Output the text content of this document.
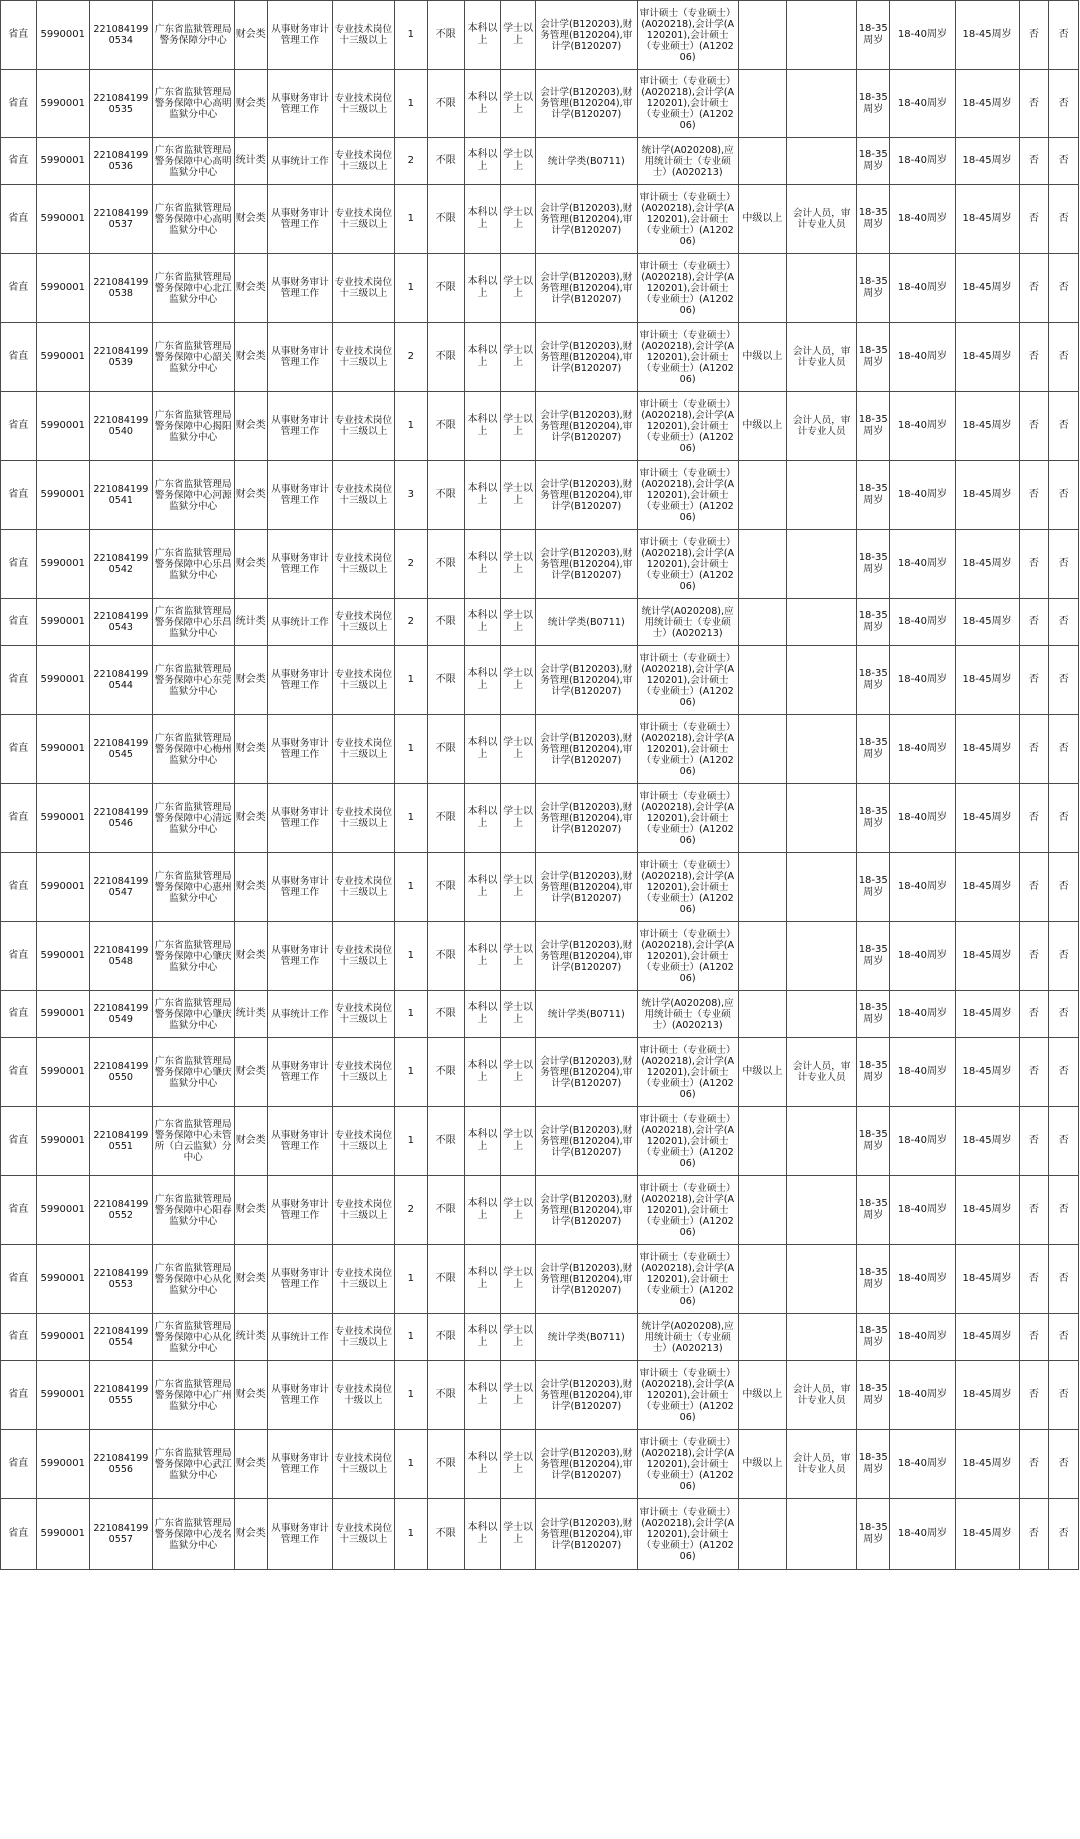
省直	5990001	2210841990534	广东省监狱管理局警务保障分中心	财会类	从事财务审计管理工作	专业技术岗位十三级以上	1	不限	本科以上	学士以上	会计学(B120203),财务管理(B120204),审计学(B120207)	审计硕士（专业硕士）(A020218),会计学(A120201),会计硕士（专业硕士）(A120206)			18-35周岁	18-40周岁	18-45周岁	否	否
省直	5990001	2210841990535	广东省监狱管理局警务保障中心高明监狱分中心	财会类	从事财务审计管理工作	专业技术岗位十三级以上	1	不限	本科以上	学士以上	会计学(B120203),财务管理(B120204),审计学(B120207)	审计硕士（专业硕士）(A020218),会计学(A120201),会计硕士（专业硕士）(A120206)			18-35周岁	18-40周岁	18-45周岁	否	否
省直	5990001	2210841990536	广东省监狱管理局警务保障中心高明监狱分中心	统计类	从事统计工作	专业技术岗位十三级以上	2	不限	本科以上	学士以上	统计学类(B0711)	统计学(A020208),应用统计硕士（专业硕士）(A020213)			18-35周岁	18-40周岁	18-45周岁	否	否
省直	5990001	2210841990537	广东省监狱管理局警务保障中心高明监狱分中心	财会类	从事财务审计管理工作	专业技术岗位十三级以上	1	不限	本科以上	学士以上	会计学(B120203),财务管理(B120204),审计学(B120207)	审计硕士（专业硕士）(A020218),会计学(A120201),会计硕士（专业硕士）(A120206)	中级以上	会计人员，审计专业人员	18-35周岁	18-40周岁	18-45周岁	否	否
省直	5990001	2210841990538	广东省监狱管理局警务保障中心北江监狱分中心	财会类	从事财务审计管理工作	专业技术岗位十三级以上	1	不限	本科以上	学士以上	会计学(B120203),财务管理(B120204),审计学(B120207)	审计硕士（专业硕士）(A020218),会计学(A120201),会计硕士（专业硕士）(A120206)			18-35周岁	18-40周岁	18-45周岁	否	否
省直	5990001	2210841990539	广东省监狱管理局警务保障中心韶关监狱分中心	财会类	从事财务审计管理工作	专业技术岗位十三级以上	2	不限	本科以上	学士以上	会计学(B120203),财务管理(B120204),审计学(B120207)	审计硕士（专业硕士）(A020218),会计学(A120201),会计硕士（专业硕士）(A120206)	中级以上	会计人员，审计专业人员	18-35周岁	18-40周岁	18-45周岁	否	否
省直	5990001	2210841990540	广东省监狱管理局警务保障中心揭阳监狱分中心	财会类	从事财务审计管理工作	专业技术岗位十三级以上	1	不限	本科以上	学士以上	会计学(B120203),财务管理(B120204),审计学(B120207)	审计硕士（专业硕士）(A020218),会计学(A120201),会计硕士（专业硕士）(A120206)	中级以上	会计人员，审计专业人员	18-35周岁	18-40周岁	18-45周岁	否	否
省直	5990001	2210841990541	广东省监狱管理局警务保障中心河源监狱分中心	财会类	从事财务审计管理工作	专业技术岗位十三级以上	3	不限	本科以上	学士以上	会计学(B120203),财务管理(B120204),审计学(B120207)	审计硕士（专业硕士）(A020218),会计学(A120201),会计硕士（专业硕士）(A120206)			18-35周岁	18-40周岁	18-45周岁	否	否
省直	5990001	2210841990542	广东省监狱管理局警务保障中心乐昌监狱分中心	财会类	从事财务审计管理工作	专业技术岗位十三级以上	2	不限	本科以上	学士以上	会计学(B120203),财务管理(B120204),审计学(B120207)	审计硕士（专业硕士）(A020218),会计学(A120201),会计硕士（专业硕士）(A120206)			18-35周岁	18-40周岁	18-45周岁	否	否
省直	5990001	2210841990543	广东省监狱管理局警务保障中心乐昌监狱分中心	统计类	从事统计工作	专业技术岗位十三级以上	2	不限	本科以上	学士以上	统计学类(B0711)	统计学(A020208),应用统计硕士（专业硕士）(A020213)			18-35周岁	18-40周岁	18-45周岁	否	否
省直	5990001	2210841990544	广东省监狱管理局警务保障中心东莞监狱分中心	财会类	从事财务审计管理工作	专业技术岗位十三级以上	1	不限	本科以上	学士以上	会计学(B120203),财务管理(B120204),审计学(B120207)	审计硕士（专业硕士）(A020218),会计学(A120201),会计硕士（专业硕士）(A120206)			18-35周岁	18-40周岁	18-45周岁	否	否
省直	5990001	2210841990545	广东省监狱管理局警务保障中心梅州监狱分中心	财会类	从事财务审计管理工作	专业技术岗位十三级以上	1	不限	本科以上	学士以上	会计学(B120203),财务管理(B120204),审计学(B120207)	审计硕士（专业硕士）(A020218),会计学(A120201),会计硕士（专业硕士）(A120206)			18-35周岁	18-40周岁	18-45周岁	否	否
省直	5990001	2210841990546	广东省监狱管理局警务保障中心清远监狱分中心	财会类	从事财务审计管理工作	专业技术岗位十三级以上	1	不限	本科以上	学士以上	会计学(B120203),财务管理(B120204),审计学(B120207)	审计硕士（专业硕士）(A020218),会计学(A120201),会计硕士（专业硕士）(A120206)			18-35周岁	18-40周岁	18-45周岁	否	否
省直	5990001	2210841990547	广东省监狱管理局警务保障中心惠州监狱分中心	财会类	从事财务审计管理工作	专业技术岗位十三级以上	1	不限	本科以上	学士以上	会计学(B120203),财务管理(B120204),审计学(B120207)	审计硕士（专业硕士）(A020218),会计学(A120201),会计硕士（专业硕士）(A120206)			18-35周岁	18-40周岁	18-45周岁	否	否
省直	5990001	2210841990548	广东省监狱管理局警务保障中心肇庆监狱分中心	财会类	从事财务审计管理工作	专业技术岗位十三级以上	1	不限	本科以上	学士以上	会计学(B120203),财务管理(B120204),审计学(B120207)	审计硕士（专业硕士）(A020218),会计学(A120201),会计硕士（专业硕士）(A120206)			18-35周岁	18-40周岁	18-45周岁	否	否
省直	5990001	2210841990549	广东省监狱管理局警务保障中心肇庆监狱分中心	统计类	从事统计工作	专业技术岗位十三级以上	1	不限	本科以上	学士以上	统计学类(B0711)	统计学(A020208),应用统计硕士（专业硕士）(A020213)			18-35周岁	18-40周岁	18-45周岁	否	否
省直	5990001	2210841990550	广东省监狱管理局警务保障中心肇庆监狱分中心	财会类	从事财务审计管理工作	专业技术岗位十三级以上	1	不限	本科以上	学士以上	会计学(B120203),财务管理(B120204),审计学(B120207)	审计硕士（专业硕士）(A020218),会计学(A120201),会计硕士（专业硕士）(A120206)	中级以上	会计人员，审计专业人员	18-35周岁	18-40周岁	18-45周岁	否	否
省直	5990001	2210841990551	广东省监狱管理局警务保障中心未管所（白云监狱）分中心	财会类	从事财务审计管理工作	专业技术岗位十三级以上	1	不限	本科以上	学士以上	会计学(B120203),财务管理(B120204),审计学(B120207)	审计硕士（专业硕士）(A020218),会计学(A120201),会计硕士（专业硕士）(A120206)			18-35周岁	18-40周岁	18-45周岁	否	否
省直	5990001	2210841990552	广东省监狱管理局警务保障中心阳春监狱分中心	财会类	从事财务审计管理工作	专业技术岗位十三级以上	2	不限	本科以上	学士以上	会计学(B120203),财务管理(B120204),审计学(B120207)	审计硕士（专业硕士）(A020218),会计学(A120201),会计硕士（专业硕士）(A120206)			18-35周岁	18-40周岁	18-45周岁	否	否
省直	5990001	2210841990553	广东省监狱管理局警务保障中心从化监狱分中心	财会类	从事财务审计管理工作	专业技术岗位十三级以上	1	不限	本科以上	学士以上	会计学(B120203),财务管理(B120204),审计学(B120207)	审计硕士（专业硕士）(A020218),会计学(A120201),会计硕士（专业硕士）(A120206)			18-35周岁	18-40周岁	18-45周岁	否	否
省直	5990001	2210841990554	广东省监狱管理局警务保障中心从化监狱分中心	统计类	从事统计工作	专业技术岗位十三级以上	1	不限	本科以上	学士以上	统计学类(B0711)	统计学(A020208),应用统计硕士（专业硕士）(A020213)			18-35周岁	18-40周岁	18-45周岁	否	否
省直	5990001	2210841990555	广东省监狱管理局警务保障中心广州监狱分中心	财会类	从事财务审计管理工作	专业技术岗位十级以上	1	不限	本科以上	学士以上	会计学(B120203),财务管理(B120204),审计学(B120207)	审计硕士（专业硕士）(A020218),会计学(A120201),会计硕士（专业硕士）(A120206)	中级以上	会计人员，审计专业人员	18-35周岁	18-40周岁	18-45周岁	否	否
省直	5990001	2210841990556	广东省监狱管理局警务保障中心武江监狱分中心	财会类	从事财务审计管理工作	专业技术岗位十三级以上	1	不限	本科以上	学士以上	会计学(B120203),财务管理(B120204),审计学(B120207)	审计硕士（专业硕士）(A020218),会计学(A120201),会计硕士（专业硕士）(A120206)	中级以上	会计人员，审计专业人员	18-35周岁	18-40周岁	18-45周岁	否	否
省直	5990001	2210841990557	广东省监狱管理局警务保障中心茂名监狱分中心	财会类	从事财务审计管理工作	专业技术岗位十三级以上	1	不限	本科以上	学士以上	会计学(B120203),财务管理(B120204),审计学(B120207)	审计硕士（专业硕士）(A020218),会计学(A120201),会计硕士（专业硕士）(A120206)			18-35周岁	18-40周岁	18-45周岁	否	否
